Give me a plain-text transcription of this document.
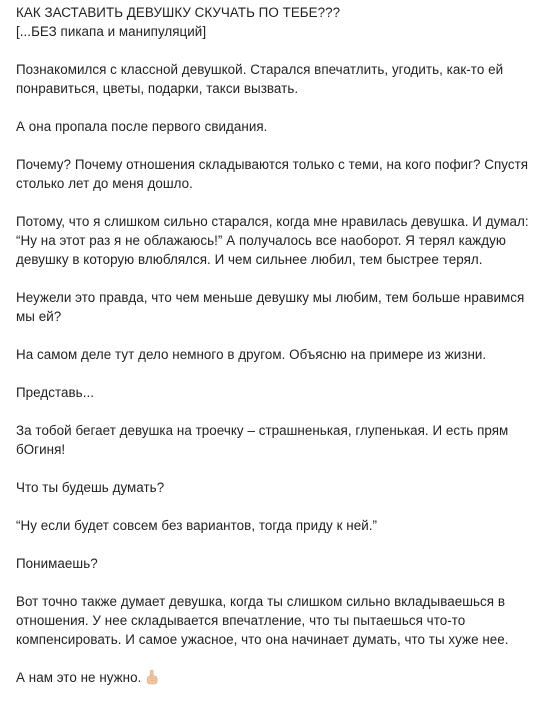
КАК ЗАСТАВИТЬ ДЕВУШКУ СКУЧАТЬ ПО ТЕБЕ???
[...БЕЗ пикапа и манипуляций]
Познакомился с классной девушкой. Старался впечатлить, угодить, как-то ей
понравиться, цветы, подарки, такси вызвать.
А она пропала после первого свидания.
Почему? Почему отношения складываются только с теми, на кого пофиг? Спустя
столько лет до меня дошло.
Потому, что я слишком сильно старался, когда мне нравилась девушка. И думал:
“Ну на этот раз я не облажаюсь!” А получалось все наоборот. Я терял каждую
девушку в которую влюблялся. И чем сильнее любил, тем быстрее терял.
Неужели это правда, что чем меньше девушку мы любим, тем больше нравимся
мы ей?
На самом деле тут дело немного в другом. Объясню на примере из жизни.
Представь...
За тобой бегает девушка на троечку – страшненькая, глупенькая. И есть прям
бОгиня!
Что ты будешь думать?
“Ну если будет совсем без вариантов, тогда приду к ней.”
Понимаешь?
Вот точно также думает девушка, когда ты слишком сильно вкладываешься в
отношения. У нее складывается впечатление, что ты пытаешься что-то
компенсировать. И самое ужасное, что она начинает думать, что ты хуже нее.
А нам это не нужно.
